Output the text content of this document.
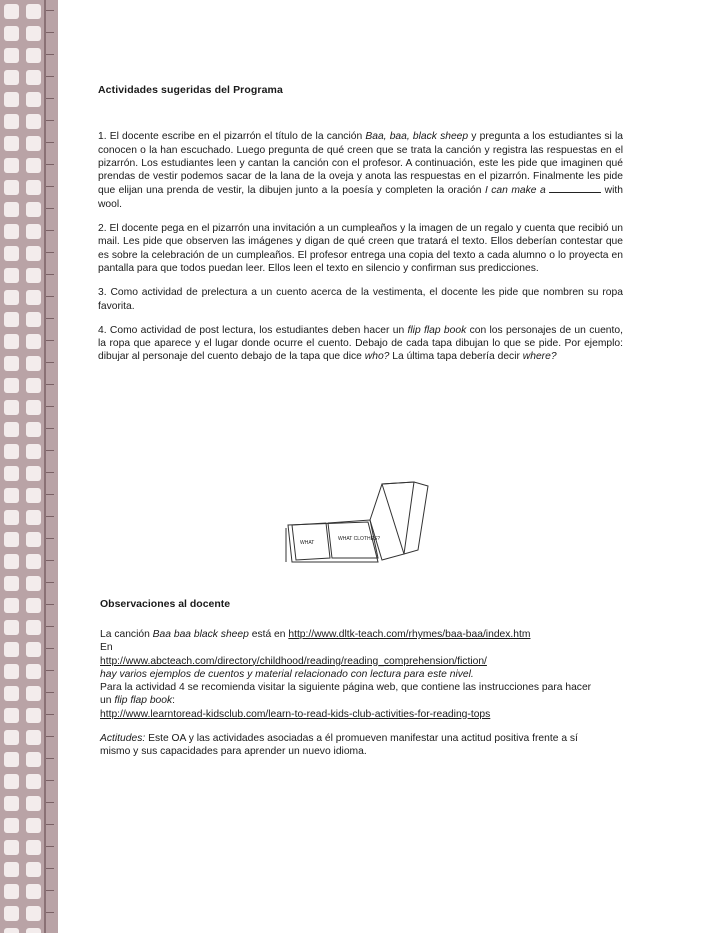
Actividades sugeridas del Programa

1. El docente escribe en el pizarrón el título de la canción Baa, baa, black sheep y pregunta a los estudiantes si la conocen o la han escuchado. Luego pregunta de qué creen que se trata la canción y registra las respuestas en el pizarrón. Los estudiantes leen y cantan la canción con el profesor. A continuación, este les pide que imaginen qué prendas de vestir podemos sacar de la lana de la oveja y anota las respuestas en el pizarrón. Finalmente les pide que elijan una prenda de vestir, la dibujen junto a la poesía y completen la oración I can make a	with wool.

2. El docente pega en el pizarrón una invitación a un cumpleaños y la imagen de un regalo y cuenta que recibió un mail. Les pide que observen las imágenes y digan de qué creen que tratará el texto. Ellos deberían contestar que es sobre la celebración de un cumpleaños. El profesor entrega una copia del texto a cada alumno o lo proyecta en pantalla para que todos puedan leer. Ellos leen el texto en silencio y confirman sus predicciones.

3. Como actividad de prelectura a un cuento acerca de la vestimenta, el docente les pide que nombren su ropa favorita.

4. Como actividad de post lectura, los estudiantes deben hacer un flip flap book con los personajes de un cuento, la ropa que aparece y el lugar donde ocurre el cuento. Debajo de cada tapa dibujan lo que se pide. Por ejemplo: dibujar al personaje del cuento debajo de la tapa que dice who? La última tapa debería decir where?

WHAT
WHAT CLOTHES?
Observaciones al docente

La canción Baa baa black sheep está en http://www.dltk-teach.com/rhymes/baa-baa/index.htm

En

http://www.abcteach.com/directory/childhood/reading/reading_comprehension/fiction/

hay varios ejemplos de cuentos y material relacionado con lectura para este nivel.

Para la actividad 4 se recomienda visitar la siguiente página web, que contiene las instrucciones para hacer un flip flap book:

http://www.learntoread-kidsclub.com/learn-to-read-kids-club-activities-for-reading-tops

Actitudes: Este OA y las actividades asociadas a él promueven manifestar una actitud positiva frente a sí mismo y sus capacidades para aprender un nuevo idioma.
